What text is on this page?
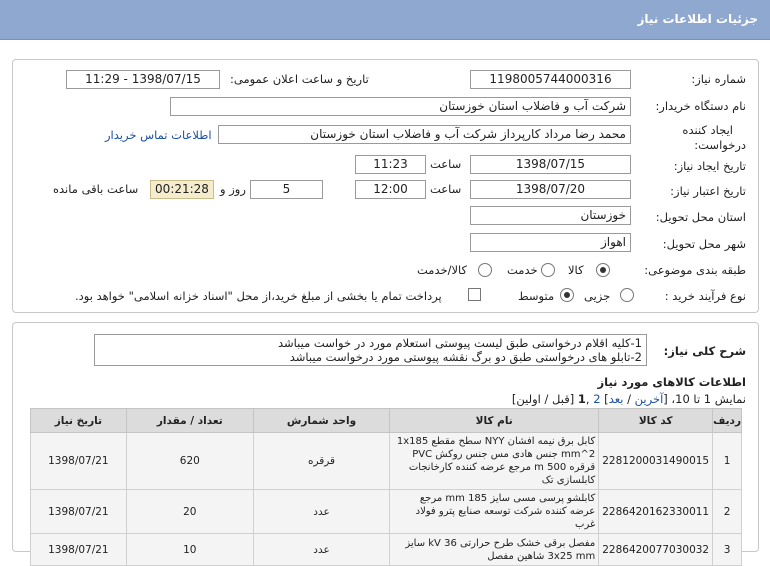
جزئیات اطلاعات نیاز
شماره نیاز:
1198005744000316
تاریخ و ساعت اعلان عمومی:
1398/07/15 - 11:29
نام دستگاه خریدار:
شرکت آب و فاضلاب استان خوزستان
ایجاد کننده
درخواست:
محمد رضا مرداد کارپرداز شرکت آب و فاضلاب استان خوزستان
اطلاعات تماس خریدار
تاریخ ایجاد نیاز:
1398/07/15
ساعت
11:23
تاریخ اعتبار نیاز:
1398/07/20
ساعت
12:00
5
روز و
00:21:28
ساعت باقی مانده
استان محل تحویل:
خوزستان
شهر محل تحویل:
اهواز
طبقه بندی موضوعی:
کالا
خدمت
کالا/خدمت
نوع فرآیند خرید :
جزیی
متوسط
پرداخت تمام یا بخشی از مبلغ خرید،از محل "اسناد خزانه اسلامی" خواهد بود.
شرح کلی نیاز:
1-کلیه اقلام درخواستی طبق لیست پیوستی استعلام مورد در خواست میباشد
2-تابلو های درخواستی طبق دو برگ نقشه پیوستی مورد درخواست میباشد
اطلاعات کالاهای مورد نیاز
نمایش 1 تا 10، [آخرین / بعد] 2 ,1 [قبل / اولین]
ردیف	کد کالا	نام کالا	واحد شمارش	تعداد / مقدار	تاریخ نیاز
1	2281200031490015	کابل برق نیمه افشان NYY سطح مقطع 1x185 mm^2 جنس هادی مس جنس روکش PVC قرقره 500 m مرجع عرضه کننده کارخانجات کابلسازی تک	قرقره	620	1398/07/21
2	2286420162330011	کابلشو پرسی مسی سایز 185 mm مرجع عرضه کننده شرکت توسعه صنایع پترو فولاد غرب	عدد	20	1398/07/21
3	2286420077030032	مفصل برقی خشک طرح حرارتی 36 kV سایز 3x25 mm شاهین مفصل	عدد	10	1398/07/21
